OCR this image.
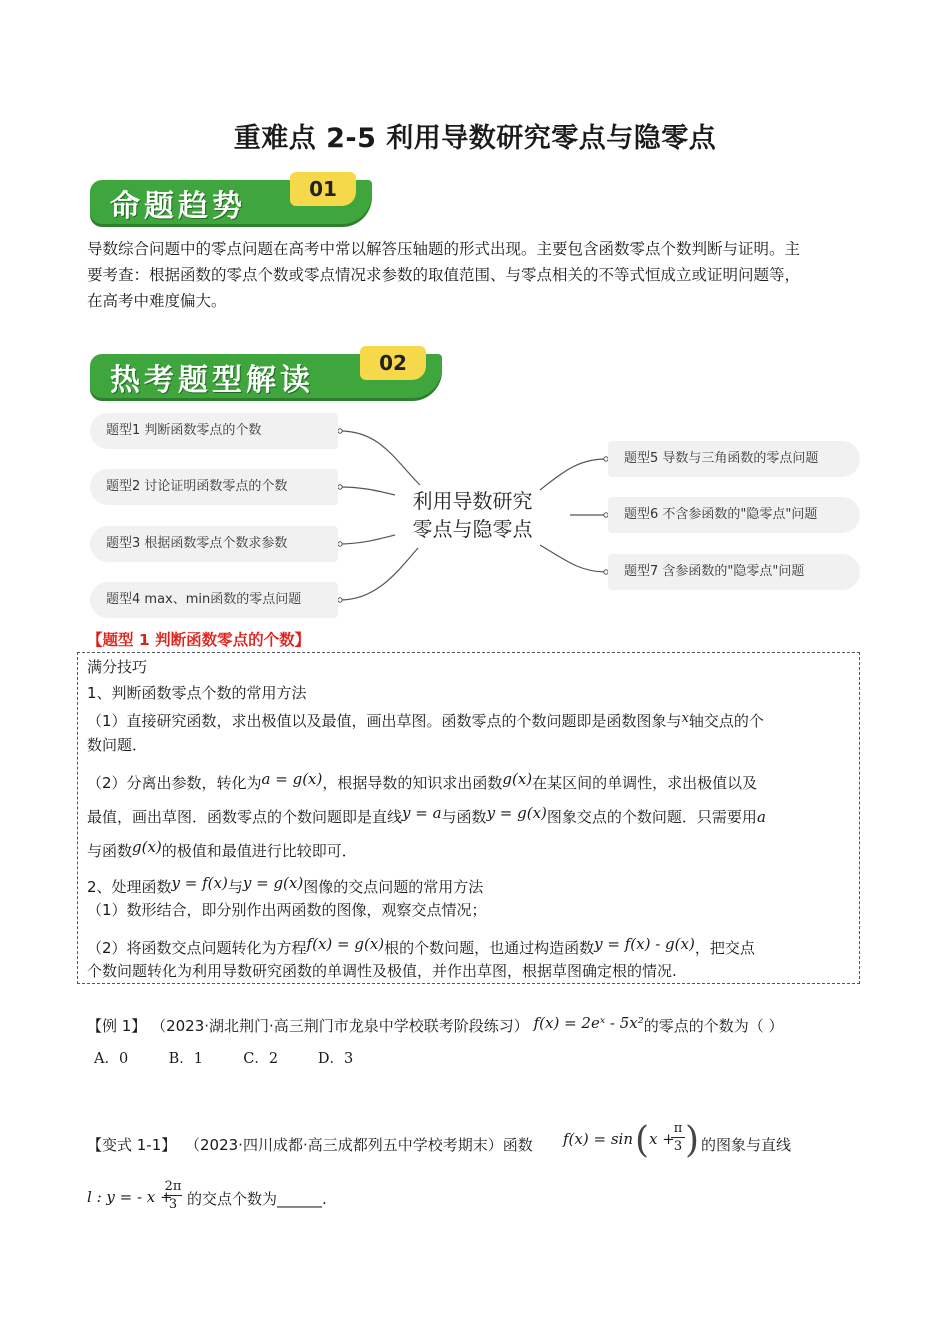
重难点 2-5 利用导数研究零点与隐零点
01
命题趋势
导数综合问题中的零点问题在高考中常以解答压轴题的形式出现。主要包含函数零点个数判断与证明。主
要考查：根据函数的零点个数或零点情况求参数的取值范围、与零点相关的不等式恒成立或证明问题等，
在高考中难度偏大。
02
热考题型解读
题型1 判断函数零点的个数
题型2 讨论证明函数零点的个数
题型3 根据函数零点个数求参数
题型4 max、min函数的零点问题
利用导数研究
零点与隐零点
题型5 导数与三角函数的零点问题
题型6 不含参函数的"隐零点"问题
题型7 含参函数的"隐零点"问题
【题型 1 判断函数零点的个数】
满分技巧
1、判断函数零点个数的常用方法
（1）直接研究函数，求出极值以及最值，画出草图。函数零点的个数问题即是函数图象与x轴交点的个
数问题．
（2）分离出参数，转化为a = g(x)，根据导数的知识求出函数g(x)在某区间的单调性，求出极值以及
最值，画出草图．函数零点的个数问题即是直线y = a与函数y = g(x)图象交点的个数问题．只需要用a
与函数g(x)的极值和最值进行比较即可．
2、处理函数y = f(x)与y = g(x)图像的交点问题的常用方法
（1）数形结合，即分别作出两函数的图像，观察交点情况；
（2）将函数交点问题转化为方程f(x) = g(x)根的个数问题，也通过构造函数y = f(x) - g(x)，把交点
个数问题转化为利用导数研究函数的单调性及极值，并作出草图，根据草图确定根的情况.
【例 1】 （2023·湖北荆门·高三荆门市龙泉中学校联考阶段练习） f(x) = 2eˣ - 5x²的零点的个数为（ ）
A．0	B．1	C．2	D．3
【变式 1-1】 （2023·四川成都·高三成都列五中学校考期末）函数 f(x) = sin ( x +
$\frac{\pi}{3}$ ) 的图象与直线
l : y = - x +
$\frac{2\pi}{3}$ 的交点个数为______.
